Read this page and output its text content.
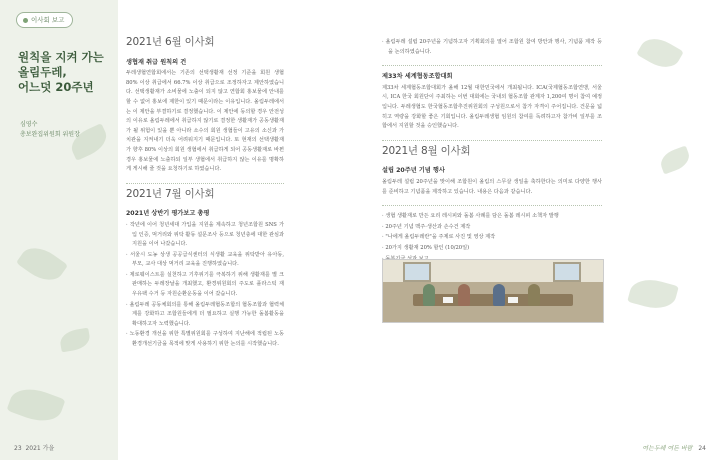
이사회 보고
원칙을 지켜 가는
올림두레,
어느덧 20주년
심영수
총보완집위원회 위원장
2021년 6월 이사회
생협재 취급 원칙의 건

두레생협연합회에서는 기존의 선택생활재 선정 기준을 회원 생협 80% 이상 취급에서 66.7% 이상 취급으로 조정하자고 제안하였습니다. 선택생활재가 소비물에 노출이 되지 않고 연합회 홍보물에 안내를 할 수 없어 홍보에 제한이 있기 때문이라는 이유입니다. 올림두레에서는 이 제안을 부결하기로 결정했습니다. 이 제안에 동의할 경우 안전성의 이유로 올림두레에서 취급하지 않기로 결정한 생활재가 공동생활재가 될 위험이 있을 뿐 아니라 소수의 회원 생협들이 고유의 소신과 가치관을 지켜내기 더욱 어려워지기 때문입니다. 또 현재의 선택생활재가 향후 80% 이상의 회원 생협에서 취급하게 되어 공동생활재로 바뀐 경우 홍보물에 노출하되 일부 생협에서 취급하지 않는 이유를 명확하게 게시해 줄 것을 요청하기로 하였습니다.

2021년 7월 이사회
2021년 상반기 평가보고 총평
· 작년에 이어 청년세대 가입을 지원을 계속하고 청년조합원 SNS 가입 인증, 먹거리와 위탁 활동 설문조사 등으로 청년층에 대한 관심과 지원을 이어 나갔습니다.
· 서울시 도농 상생 공공급식센터의 식생활 교육을 위탁받아 유아동, 부모, 교사 대상 먹거리 교육을 진행하였습니다.
· 제로웨이스트를 실천하고 기후위기를 극복하기 위해 생활재를 별 크 판매하는 두레장날을 개최했고, 환경위원회의 주도로 플라스틱 재 우유팩 수거 등 자원순환운동을 이어 갔습니다.
· 올림두레 공동체회의를 통해 올림두레협동조합의 협동조합과 협력체계를 강화하고 조합원들에게 더 필요하고 실행 가능한 돌봄활동을 확대하고자 노력했습니다.
· 노동환경 개선을 위한 특별위원회를 구성하여 지난해에 적립된 노동환경개선기금을 목적에 맞게 사용하기 위한 논의를 시작했습니다.
· 올림두레 설립 20주년을 기념하고자 기획회의를 열어 조합원 참여 방안과 행사, 기념품 제작 등을 논의하였습니다.
제33차 세계협동조합대회

제33차 세계협동조합대회가 올해 12월 대한민국에서 개최됩니다. ICA(국제협동조합연맹, 서울시, ICA 한국 회원단이 주최하는 이번 대회에는 국내외 협동조합 관계자 1,200여 명이 참여 예정입니다. 두레생협도 한국협동조합추진위원회의 구성원으로서 참가 자격이 주어집니다. 건문을 넓히고 역량을 강화할 좋은 기회입니다. 올림두레생협 임원의 참여를 독려하고자 참가비 일부를 조합에서 지원할 것을 승인했습니다.

2021년 8월 이사회
설립 20주년 기념 행사

올림두레 설립 20주년을 맞이해 조합원이 올림의 스무살 생일을 축하한다는 의미로 다양한 행사를 준비하고 기념품을 제작하고 있습니다. 내용은 다음과 같습니다.

· 생협 생활재로 만든 요리 레시피와 돌봄 사례를 담은 돌봄 레시피 소책자 발행
· 20주년 기념 맥주·생산과 손수건 제작
· "나에게 올림두레란"을 주제로 사진 및 영상 제작
· 20가지 생활재 20% 할인 (10/20일)
23 2021 가을	여는두레 여든 바람 24
